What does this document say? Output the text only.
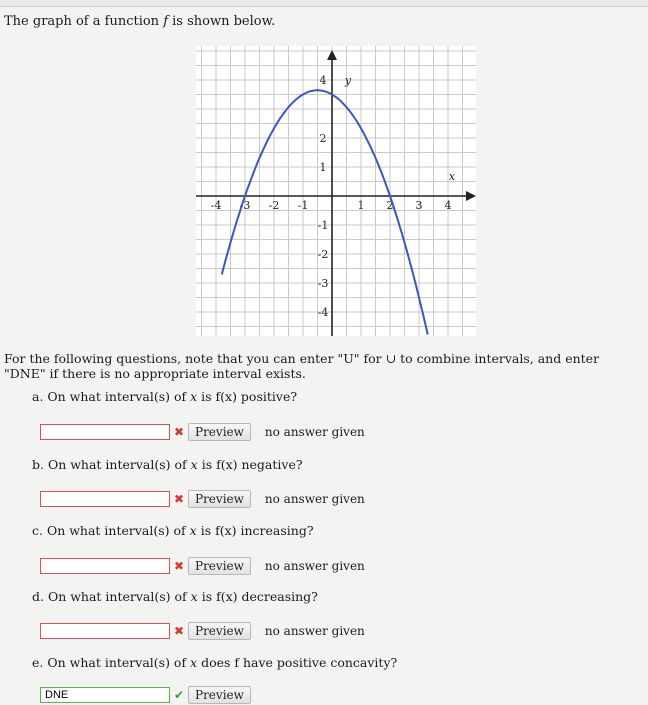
The graph of a function f is shown below.
-4 -3 -2 -1	1 2 3 4
4
2
1
-1
-2
-3
-4
y
x
For the following questions, note that you can enter "U" for ∪ to combine intervals, and enter "DNE" if there is no appropriate interval exists.
a. On what interval(s) of x is f(x) positive?
✖ Preview	no answer given
b. On what interval(s) of x is f(x) negative?
✖ Preview	no answer given
c. On what interval(s) of x is f(x) increasing?
✖ Preview	no answer given
d. On what interval(s) of x is f(x) decreasing?
✖ Preview	no answer given
e. On what interval(s) of x does f have positive concavity?
DNE
✔ Preview
